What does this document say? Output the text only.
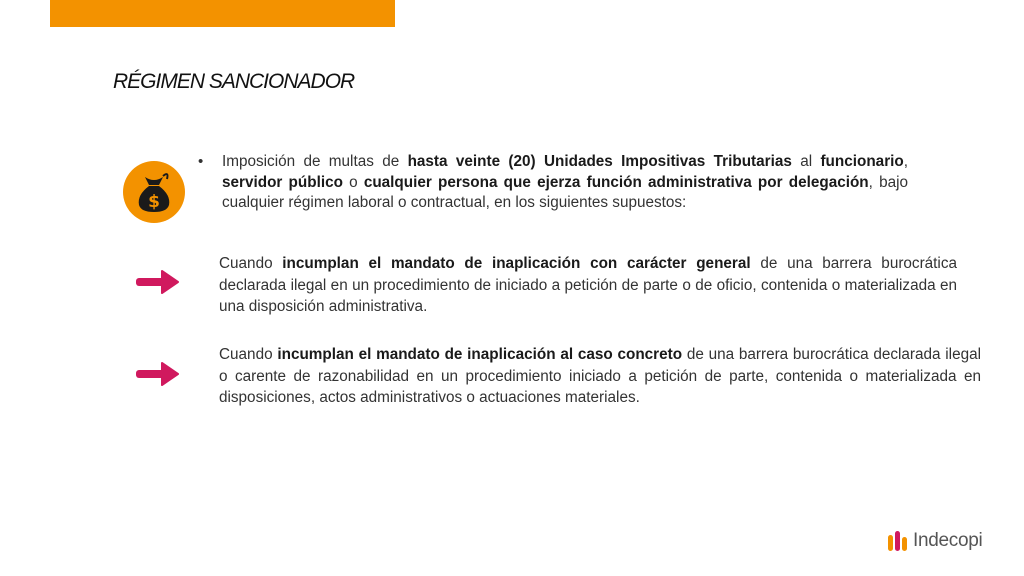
RÉGIMEN SANCIONADOR
$
• Imposición de multas de hasta veinte (20) Unidades Impositivas Tributarias al funcionario, servidor público o cualquier persona que ejerza función administrativa por delegación, bajo cualquier régimen laboral o contractual, en los siguientes supuestos:
Cuando incumplan el mandato de inaplicación con carácter general de una barrera burocrática declarada ilegal en un procedimiento de iniciado a petición de parte o de oficio, contenida o materializada en una disposición administrativa.
Cuando incumplan el mandato de inaplicación al caso concreto de una barrera burocrática declarada ilegal o carente de razonabilidad en un procedimiento iniciado a petición de parte, contenida o materializada en disposiciones, actos administrativos o actuaciones materiales.
Indecopi
